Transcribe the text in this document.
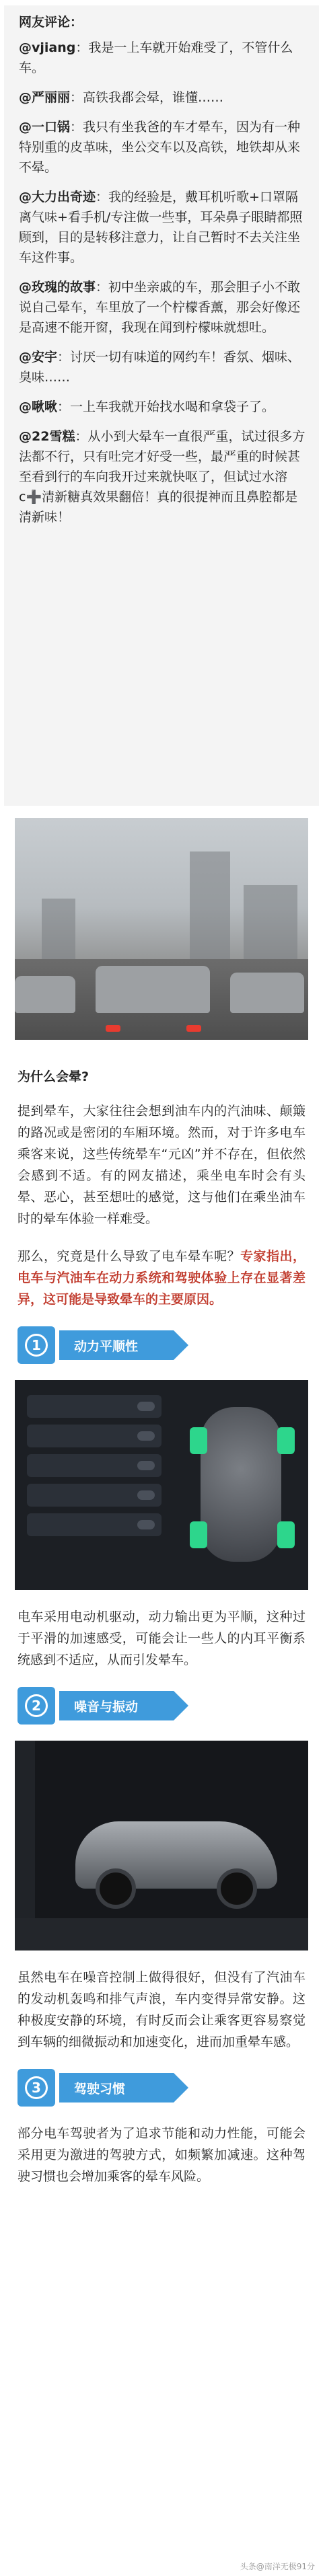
网友评论：
@vjiang：我是一上车就开始难受了，不管什么车。
@严丽丽：高铁我都会晕，谁懂……
@一口锅：我只有坐我爸的车才晕车，因为有一种特别重的皮革味，坐公交车以及高铁，地铁却从来不晕。
@大力出奇迹：我的经验是，戴耳机听歌+口罩隔离气味+看手机/专注做一些事，耳朵鼻子眼睛都照顾到，目的是转移注意力，让自己暂时不去关注坐车这件事。
@玫瑰的故事：初中坐亲戚的车，那会胆子小不敢说自己晕车，车里放了一个柠檬香薰，那会好像还是高速不能开窗，我现在闻到柠檬味就想吐。
@安宇：讨厌一切有味道的网约车！香氛、烟味、臭味……
@啾啾：一上车我就开始找水喝和拿袋子了。
@22雪糕：从小到大晕车一直很严重，试过很多方法都不行，只有吐完才好受一些，最严重的时候甚至看到行的车向我开过来就快呕了，但试过水溶c➕清新糖真效果翻倍！真的很提神而且鼻腔都是清新味！
为什么会晕?

提到晕车，大家往往会想到油车内的汽油味、颠簸的路况或是密闭的车厢环境。然而，对于许多电车乘客来说，这些传统晕车“元凶”并不存在，但依然会感到不适。有的网友描述，乘坐电车时会有头晕、恶心，甚至想吐的感觉，这与他们在乘坐油车时的晕车体验一样难受。

那么，究竟是什么导致了电车晕车呢？专家指出，电车与汽油车在动力系统和驾驶体验上存在显著差异，这可能是导致晕车的主要原因。

1	动力平顺性

电车采用电动机驱动，动力输出更为平顺，这种过于平滑的加速感受，可能会让一些人的内耳平衡系统感到不适应，从而引发晕车。

2	噪音与振动

虽然电车在噪音控制上做得很好，但没有了汽油车的发动机轰鸣和排气声浪，车内变得异常安静。这种极度安静的环境，有时反而会让乘客更容易察觉到车辆的细微振动和加速变化，进而加重晕车感。

3	驾驶习惯

部分电车驾驶者为了追求节能和动力性能，可能会采用更为激进的驾驶方式，如频繁加减速。这种驾驶习惯也会增加乘客的晕车风险。

头条@南洋无极91分
